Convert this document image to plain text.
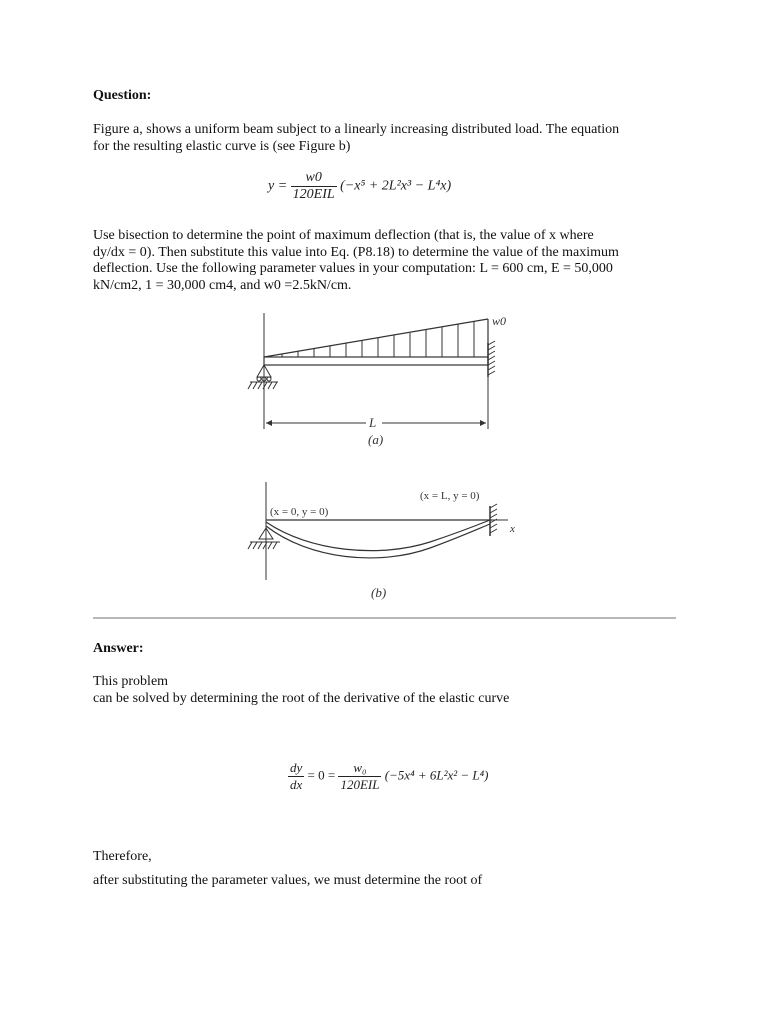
Question:
Figure a, shows a uniform beam subject to a linearly increasing distributed load. The equation
for the resulting elastic curve is (see Figure b)
$y = \frac{w0}{\text{120EIL}} (-x^5 + 2L^2x^3 - L^4x)$
Use bisection to determine the point of maximum deflection (that is, the value of x where
dy/dx = 0). Then substitute this value into Eq. (P8.18) to determine the value of the maximum
deflection. Use the following parameter values in your computation: L = 600 cm, E = 50,000
kN/cm2, 1 = 30,000 cm4, and w0 =2.5kN/cm.
w0
L
(a)
(x = 0, y = 0)
(x = L, y = 0)
x
(b)
Answer:
This problem
can be solved by determining the root of the derivative of the elastic curve
$\frac{dy}{dx} = 0 = \frac{\text{w₀}}{\text{120EIL}} (-5x^4 + 6L^2x^2 - L^4)$
Therefore,
after substituting the parameter values, we must determine the root of
